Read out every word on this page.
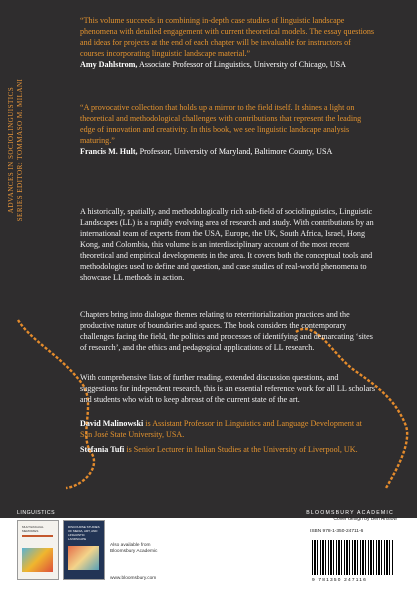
ADVANCES IN SOCIOLINGUISTICS SERIES EDITOR: TOMMASO M. MILANI
“This volume succeeds in combining in-depth case studies of linguistic landscape phenomena with detailed engagement with current theoretical models. The essay questions and ideas for projects at the end of each chapter will be invaluable for instructors of courses incorporating linguistic landscape material.”
Amy Dahlstrom, Associate Professor of Linguistics, University of Chicago, USA
“A provocative collection that holds up a mirror to the field itself. It shines a light on theoretical and methodological challenges with contributions that represent the leading edge of innovation and creativity. In this book, we see linguistic landscape analysis maturing.”
Francis M. Hult, Professor, University of Maryland, Baltimore County, USA

A historically, spatially, and methodologically rich sub-field of sociolinguistics, Linguistic Landscapes (LL) is a rapidly evolving area of research and study. With contributions by an international team of experts from the USA, Europe, the UK, South Africa, Israel, Hong Kong, and Colombia, this volume is an interdisciplinary account of the most recent theoretical and empirical developments in the area. It covers both the conceptual tools and methodologies used to define and question, and case studies of real-world phenomena to showcase LL methods in action.

Chapters bring into dialogue themes relating to reterritorialization practices and the productive nature of boundaries and spaces. The book considers the contemporary challenges facing the field, the politics and processes of identifying and demarcating ‘sites of research’, and the ethics and pedagogical applications of LL research.

With comprehensive lists of further reading, extended discussion questions, and suggestions for independent research, this is an essential reference work for all LL scholars and students who wish to keep abreast of the current state of the art.

David Malinowski is Assistant Professor in Linguistics and Language Development at San José State University, USA.
Stefania Tufi is Senior Lecturer in Italian Studies at the University of Liverpool, UK.
LINGUISTICS	BLOOMSBURY ACADEMIC
Cover design by Ben Anslow
MULTILINGUAL MEMORIES
DISCOURSE STUDIES OF MEDIA, ART, AND LINGUISTIC LANDSCAPE
Also available from Bloomsbury Academic
www.bloomsbury.com
ISBN 978-1-350-24711-6
9 781350 247116
